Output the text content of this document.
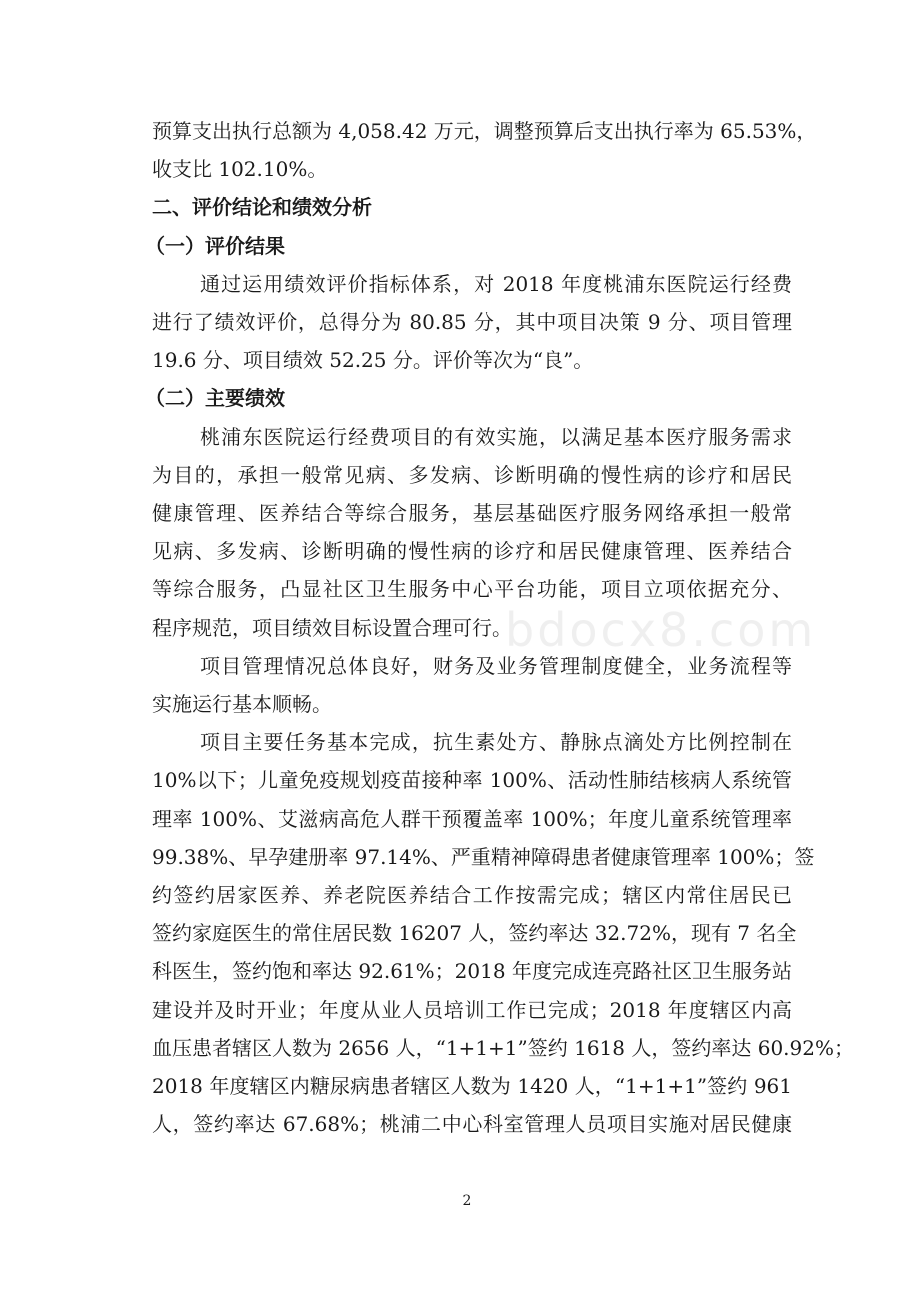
预算支出执行总额为 4,058.42 万元，调整预算后支出执行率为 65.53%，
收支比 102.10%。
二、评价结论和绩效分析
（一）评价结果
通过运用绩效评价指标体系，对 2018 年度桃浦东医院运行经费
进行了绩效评价，总得分为 80.85 分，其中项目决策 9 分、项目管理
19.6 分、项目绩效 52.25 分。评价等次为“良”。
（二）主要绩效
桃浦东医院运行经费项目的有效实施，以满足基本医疗服务需求
为目的，承担一般常见病、多发病、诊断明确的慢性病的诊疗和居民
健康管理、医养结合等综合服务，基层基础医疗服务网络承担一般常
见病、多发病、诊断明确的慢性病的诊疗和居民健康管理、医养结合
等综合服务，凸显社区卫生服务中心平台功能，项目立项依据充分、
程序规范，项目绩效目标设置合理可行。
项目管理情况总体良好，财务及业务管理制度健全，业务流程等
实施运行基本顺畅。
项目主要任务基本完成，抗生素处方、静脉点滴处方比例控制在
10%以下；儿童免疫规划疫苗接种率 100%、活动性肺结核病人系统管
理率 100%、艾滋病高危人群干预覆盖率 100%；年度儿童系统管理率
99.38%、早孕建册率 97.14%、严重精神障碍患者健康管理率 100%；签
约签约居家医养、养老院医养结合工作按需完成；辖区内常住居民已
签约家庭医生的常住居民数 16207 人，签约率达 32.72%，现有 7 名全
科医生，签约饱和率达 92.61%；2018 年度完成连亮路社区卫生服务站
建设并及时开业；年度从业人员培训工作已完成；2018 年度辖区内高
血压患者辖区人数为 2656 人，“1+1+1”签约 1618 人，签约率达 60.92%；
2018 年度辖区内糖尿病患者辖区人数为 1420 人，“1+1+1”签约 961
bdocx8.com
2
人，签约率达 67.68%；桃浦二中心科室管理人员项目实施对居民健康
